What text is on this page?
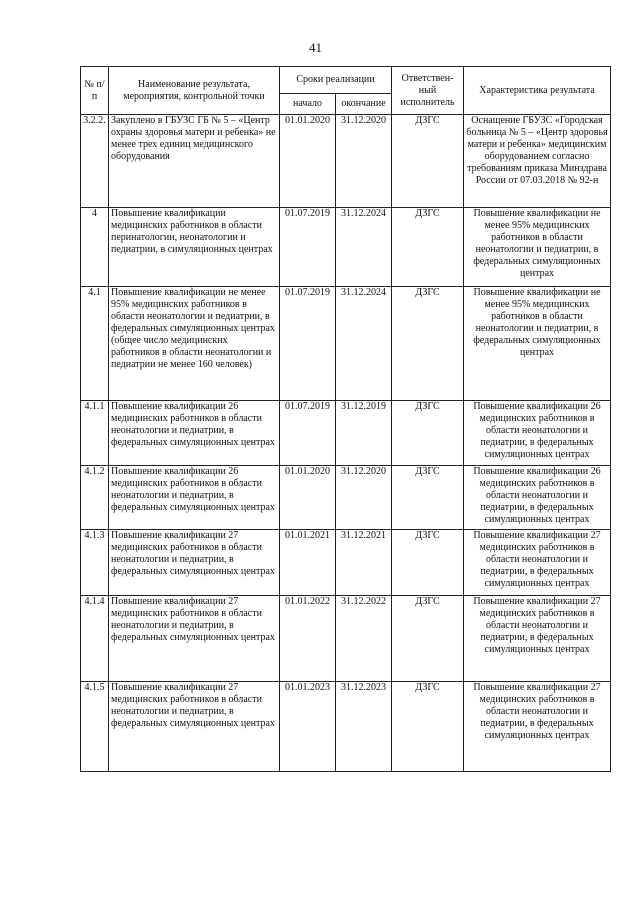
41
№ п/п	Наименование результата, мероприятия, контрольной точки	Сроки реализации		Ответствен-ный исполнитель	Характеристика результата
		начало	окончание		
3.2.2.	Закуплено в ГБУЗС ГБ № 5 – «Центр охраны здоровья матери и ребенка» не менее трех единиц медицинского оборудования	01.01.2020	31.12.2020	ДЗГС	Оснащение ГБУЗС «Городская больница № 5 – «Центр здоровья матери и ребенка» медицинским оборудованием согласно требованиям приказа Минздрава России от 07.03.2018 № 92-н
4	Повышение квалификации медицинских работников в области перинатологии, неонатологии и педиатрии, в симуляционных центрах	01.07.2019	31.12.2024	ДЗГС	Повышение квалификации не менее 95% медицинских работников в области неонатологии и педиатрии, в федеральных симуляционных центрах
4.1	Повышение квалификации не менее 95% медицинских работников в области неонатологии и педиатрии, в федеральных симуляционных центрах (общее число медицинских работников в области неонатологии и педиатрии не менее 160 человек)	01.07.2019	31.12.2024	ДЗГС	Повышение квалификации не менее 95% медицинских работников в области неонатологии и педиатрии, в федеральных симуляционных центрах
4.1.1	Повышение квалификации 26 медицинских работников в области неонатологии и педиатрии, в федеральных симуляционных центрах	01.07.2019	31.12.2019	ДЗГС	Повышение квалификации 26 медицинских работников в области неонатологии и педиатрии, в федеральных симуляционных центрах
4.1.2	Повышение квалификации 26 медицинских работников в области неонатологии и педиатрии, в федеральных симуляционных центрах	01.01.2020	31.12.2020	ДЗГС	Повышение квалификации 26 медицинских работников в области неонатологии и педиатрии, в федеральных симуляционных центрах
4.1.3	Повышение квалификации 27 медицинских работников в области неонатологии и педиатрии, в федеральных симуляционных центрах	01.01.2021	31.12.2021	ДЗГС	Повышение квалификации 27 медицинских работников в области неонатологии и педиатрии, в федеральных симуляционных центрах
4.1.4	Повышение квалификации 27 медицинских работников в области неонатологии и педиатрии, в федеральных симуляционных центрах	01.01.2022	31.12.2022	ДЗГС	Повышение квалификации 27 медицинских работников в области неонатологии и педиатрии, в федеральных симуляционных центрах
4.1.5	Повышение квалификации 27 медицинских работников в области неонатологии и педиатрии, в федеральных симуляционных центрах	01.01.2023	31.12.2023	ДЗГС	Повышение квалификации 27 медицинских работников в области неонатологии и педиатрии, в федеральных симуляционных центрах
